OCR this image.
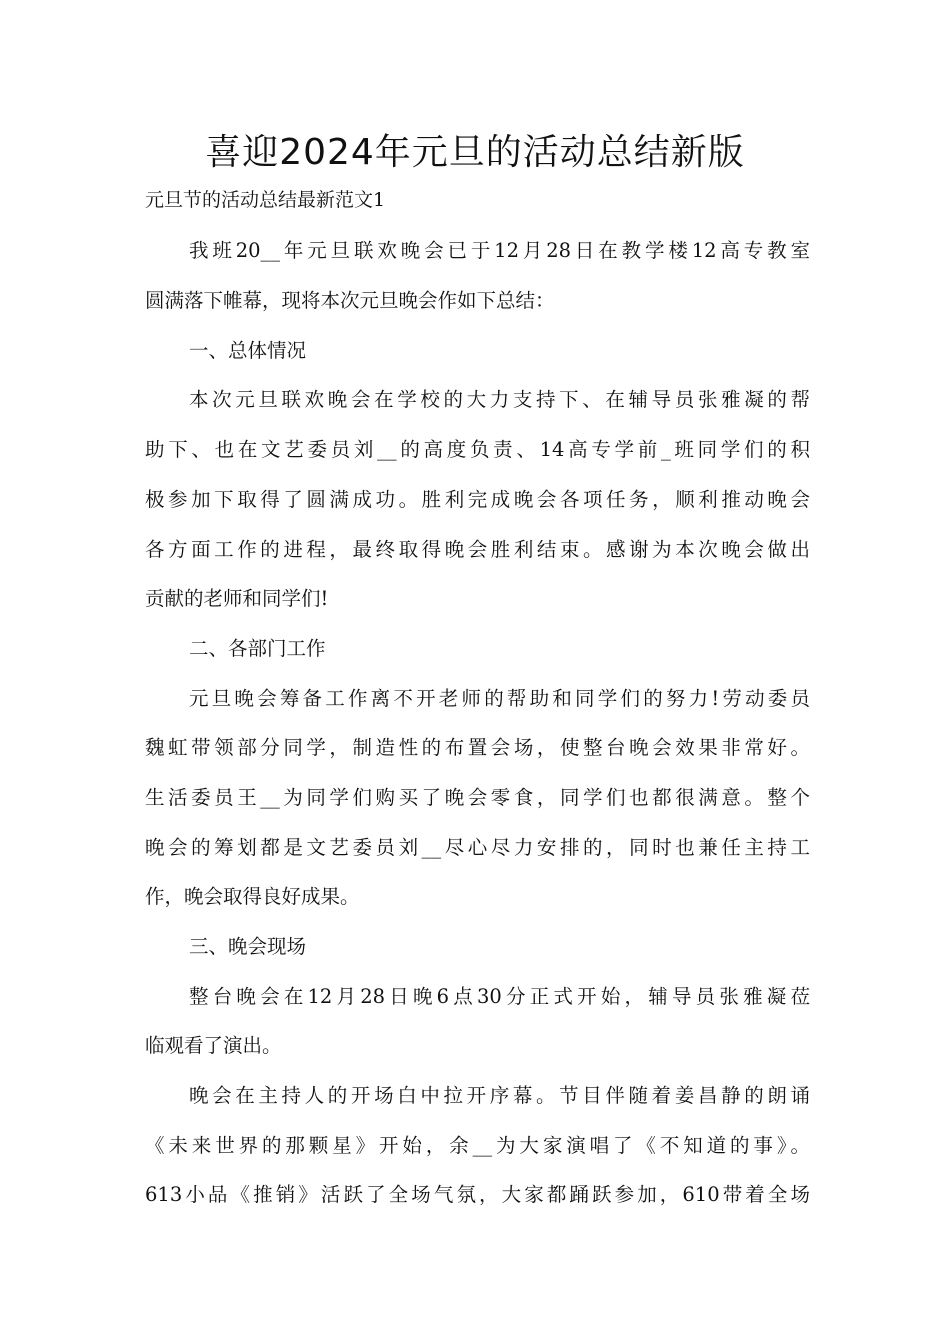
喜迎2024年元旦的活动总结新版
元旦节的活动总结最新范文1
我班20__年元旦联欢晚会已于12月28日在教学楼12高专教室
圆满落下帷幕，现将本次元旦晚会作如下总结：
一、总体情况
本次元旦联欢晚会在学校的大力支持下、在辅导员张雅凝的帮
助下、也在文艺委员刘__的高度负责、14高专学前_班同学们的积
极参加下取得了圆满成功。胜利完成晚会各项任务，顺利推动晚会
各方面工作的进程，最终取得晚会胜利结束。感谢为本次晚会做出
贡献的老师和同学们!
二、各部门工作
元旦晚会筹备工作离不开老师的帮助和同学们的努力!劳动委员
魏虹带领部分同学，制造性的布置会场，使整台晚会效果非常好。
生活委员王__为同学们购买了晚会零食，同学们也都很满意。整个
晚会的筹划都是文艺委员刘__尽心尽力安排的，同时也兼任主持工
作，晚会取得良好成果。
三、晚会现场
整台晚会在12月28日晚6点30分正式开始，辅导员张雅凝莅
临观看了演出。
晚会在主持人的开场白中拉开序幕。节目伴随着姜昌静的朗诵
《未来世界的那颗星》开始，余__为大家演唱了《不知道的事》。
613小品《推销》活跃了全场气氛，大家都踊跃参加，610带着全场
